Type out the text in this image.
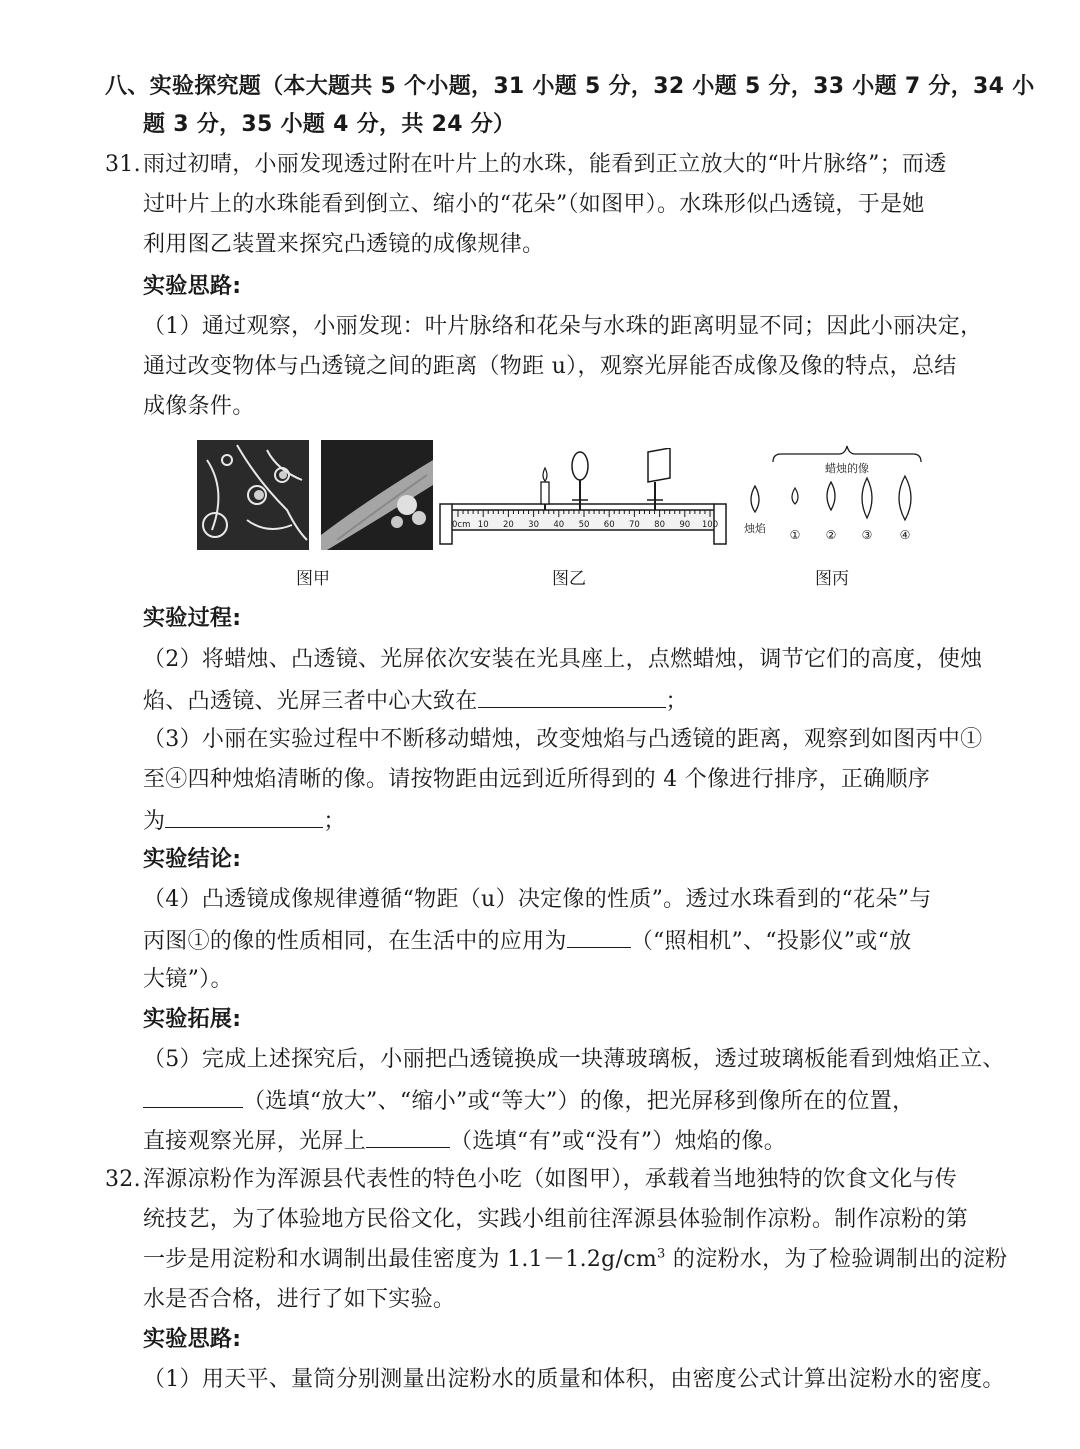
八、实验探究题（本大题共 5 个小题，31 小题 5 分，32 小题 5 分，33 小题 7 分，34 小
题 3 分，35 小题 4 分，共 24 分）
31. 雨过初晴，小丽发现透过附在叶片上的水珠，能看到正立放大的“叶片脉络”；而透
过叶片上的水珠能看到倒立、缩小的“花朵”（如图甲）。水珠形似凸透镜，于是她
利用图乙装置来探究凸透镜的成像规律。
实验思路:
（1）通过观察，小丽发现：叶片脉络和花朵与水珠的距离明显不同；因此小丽决定，
通过改变物体与凸透镜之间的距离（物距 u），观察光屏能否成像及像的特点，总结
成像条件。
图甲
0cm 10 20 30 40 50 60 70 80 90 100
图乙
蜡烛的像
烛焰 ① ② ③ ④
图丙
实验过程:
（2）将蜡烛、凸透镜、光屏依次安装在光具座上，点燃蜡烛，调节它们的高度，使烛
焰、凸透镜、光屏三者中心大致在	；
（3）小丽在实验过程中不断移动蜡烛，改变烛焰与凸透镜的距离，观察到如图丙中①
至④四种烛焰清晰的像。请按物距由远到近所得到的 4 个像进行排序，正确顺序
为	；
实验结论:
（4）凸透镜成像规律遵循“物距（u）决定像的性质”。透过水珠看到的“花朵”与
丙图①的像的性质相同，在生活中的应用为	（“照相机”、“投影仪”或“放
大镜”）。
实验拓展:
（5）完成上述探究后，小丽把凸透镜换成一块薄玻璃板，透过玻璃板能看到烛焰正立、
（选填“放大”、“缩小”或“等大”）的像，把光屏移到像所在的位置，
直接观察光屏，光屏上	（选填“有”或“没有”）烛焰的像。
32. 浑源凉粉作为浑源县代表性的特色小吃（如图甲），承载着当地独特的饮食文化与传
统技艺，为了体验地方民俗文化，实践小组前往浑源县体验制作凉粉。制作凉粉的第
一步是用淀粉和水调制出最佳密度为 $1.1-1.2g/cm^3$ 的淀粉水，为了检验调制出的淀粉
水是否合格，进行了如下实验。
实验思路:
（1）用天平、量筒分别测量出淀粉水的质量和体积，由密度公式计算出淀粉水的密度。
